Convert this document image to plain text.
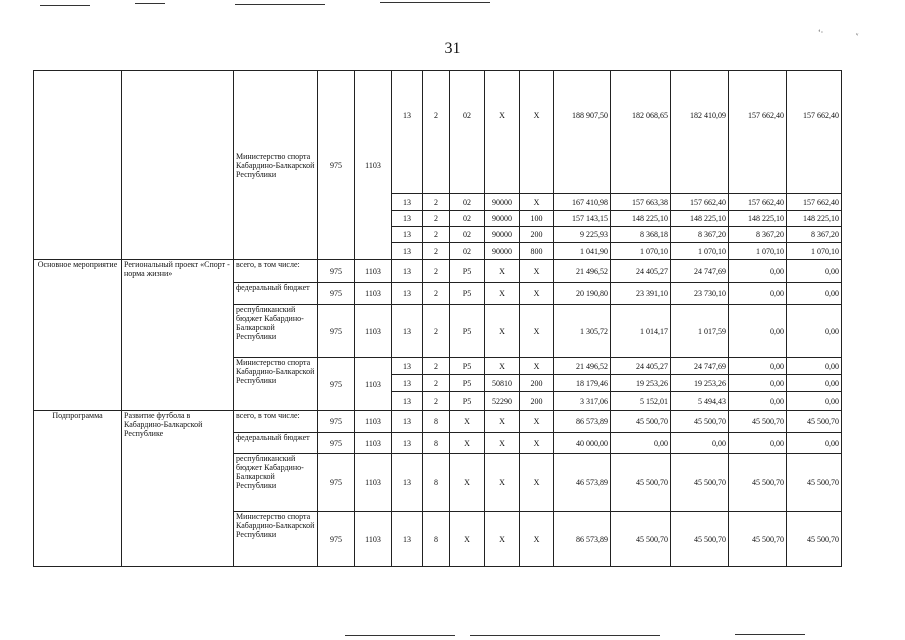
‘·	ᵥ
31
		Министерство спорта Кабардино-Балкарской Республики	975	1103	13	2	02	X	X	188 907,50	182 068,65	182 410,09	157 662,40	157 662,40
					13	2	02	90000	X	167 410,98	157 663,38	157 662,40	157 662,40	157 662,40
					13	2	02	90000	100	157 143,15	148 225,10	148 225,10	148 225,10	148 225,10
					13	2	02	90000	200	9 225,93	8 368,18	8 367,20	8 367,20	8 367,20
					13	2	02	90000	800	1 041,90	1 070,10	1 070,10	1 070,10	1 070,10
Основное мероприятие	Региональный проект «Спорт - норма жизни»	всего, в том числе:	975	1103	13	2	P5	X	X	21 496,52	24 405,27	24 747,69	0,00	0,00
		федеральный бюджет	975	1103	13	2	P5	X	X	20 190,80	23 391,10	23 730,10	0,00	0,00
		республиканский бюджет Кабардино-Балкарской Республики	975	1103	13	2	P5	X	X	1 305,72	1 014,17	1 017,59	0,00	0,00
		Министерство спорта Кабардино-Балкарской Республики	975	1103	13	2	P5	X	X	21 496,52	24 405,27	24 747,69	0,00	0,00
					13	2	P5	50810	200	18 179,46	19 253,26	19 253,26	0,00	0,00
					13	2	P5	52290	200	3 317,06	5 152,01	5 494,43	0,00	0,00
Подпрограмма	Развитие футбола в Кабардино-Балкарской Республике	всего, в том числе:	975	1103	13	8	X	X	X	86 573,89	45 500,70	45 500,70	45 500,70	45 500,70
		федеральный бюджет	975	1103	13	8	X	X	X	40 000,00	0,00	0,00	0,00	0,00
		республиканский бюджет Кабардино-Балкарской Республики	975	1103	13	8	X	X	X	46 573,89	45 500,70	45 500,70	45 500,70	45 500,70
		Министерство спорта Кабардино-Балкарской Республики	975	1103	13	8	X	X	X	86 573,89	45 500,70	45 500,70	45 500,70	45 500,70
